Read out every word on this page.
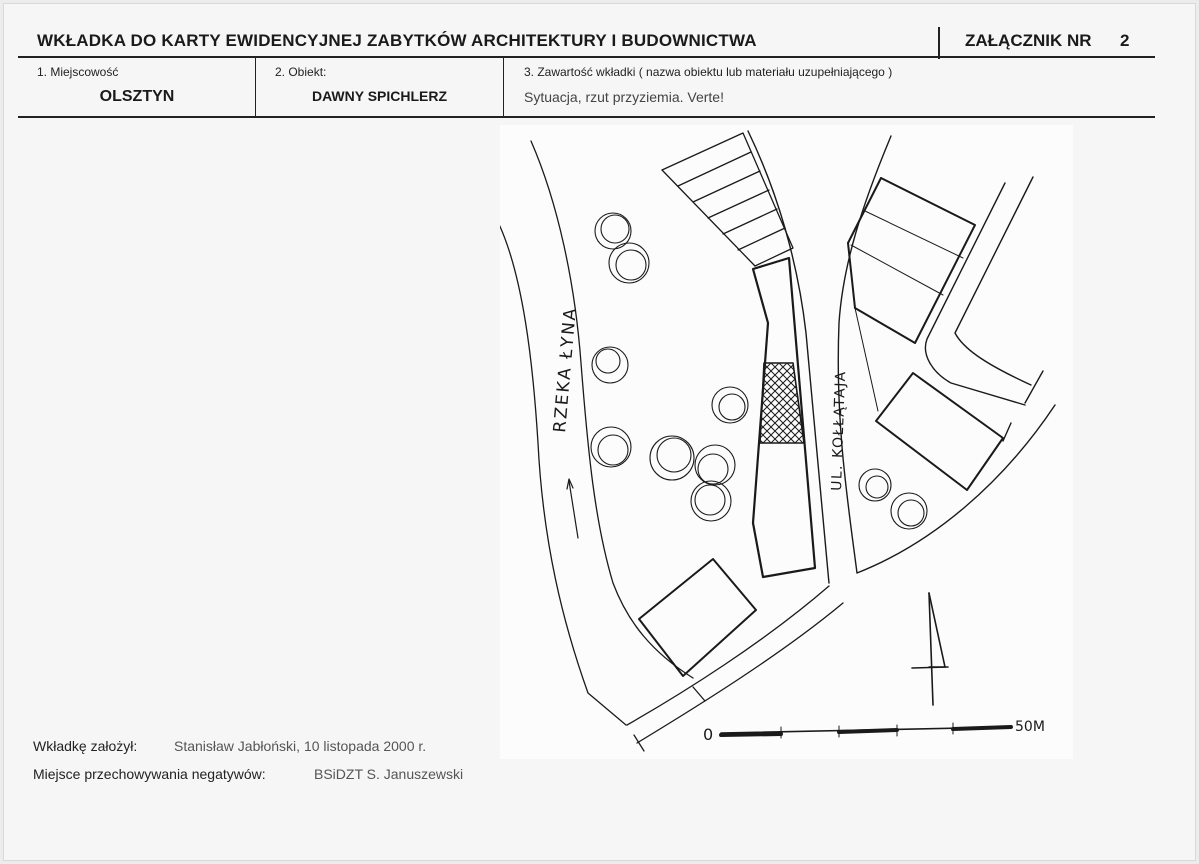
WKŁADKA DO KARTY EWIDENCYJNEJ ZABYTKÓW ARCHITEKTURY I BUDOWNICTWA	ZAŁĄCZNIK NR 2
1. Miejscowość
OLSZTYN
2. Obiekt:
DAWNY SPICHLERZ
3. Zawartość wkładki ( nazwa obiektu lub materiału uzupełniającego )
Sytuacja, rzut przyziemia. Verte!
RZEKA ŁYNA	UL. KOŁŁĄTAJA
0	50M
Wkładkę założył:	Stanisław Jabłoński, 10 listopada 2000 r.
Miejsce przechowywania negatywów:	BSiDZT S. Januszewski
